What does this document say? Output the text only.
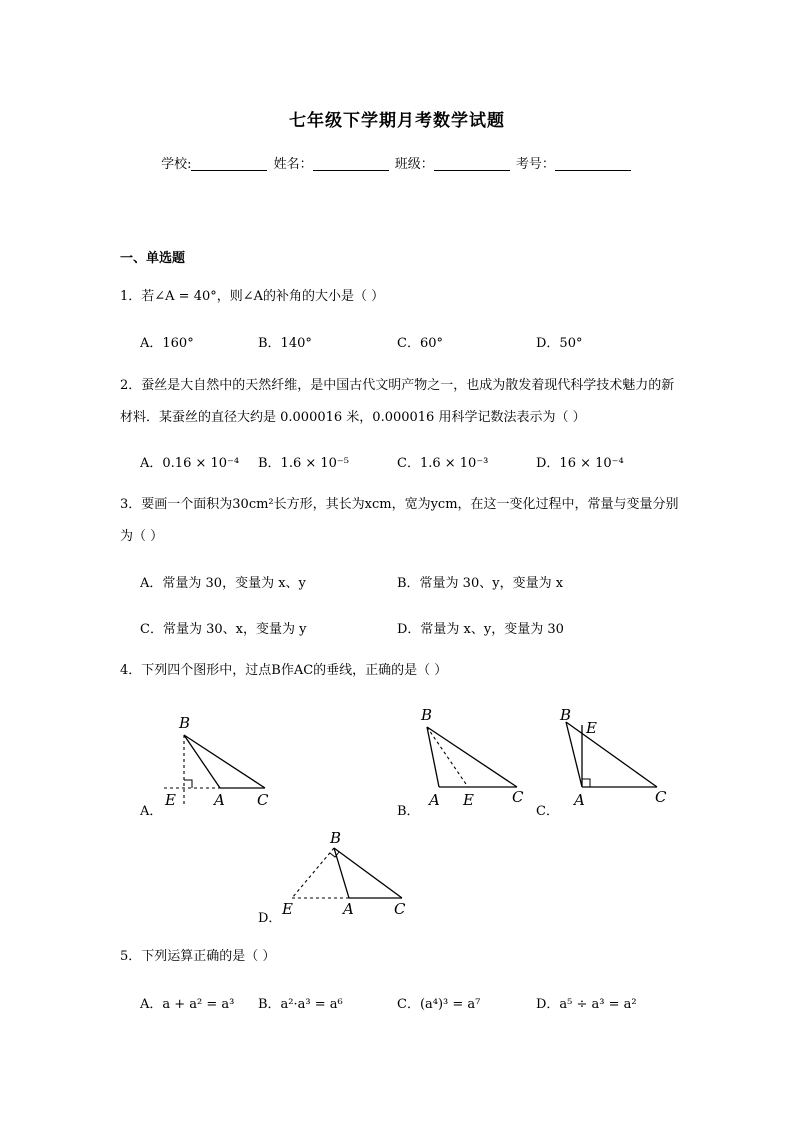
七年级下学期月考数学试题
学校:	姓名：	班级：	考号：
一、单选题
1．若∠A = 40°，则∠A的补角的大小是（ ）
A．160°	B．140°	C．60°	D．50°
2．蚕丝是大自然中的天然纤维，是中国古代文明产物之一，也成为散发着现代科学技术魅力的新材料．某蚕丝的直径大约是 0.000016 米，0.000016 用科学记数法表示为（ ）
A．0.16 × 10⁻⁴ B．1.6 × 10⁻⁵	C．1.6 × 10⁻³	D．16 × 10⁻⁴
3．要画一个面积为30cm²长方形，其长为xcm，宽为ycm，在这一变化过程中，常量与变量分别为（ ）
A．常量为 30，变量为 x、y	B．常量为 30、y，变量为 x
C．常量为 30、x，变量为 y	D．常量为 x、y，变量为 30
4．下列四个图形中，过点B作AC的垂线，正确的是（ ）
A．
B
E	A C
B．
B
A E	C
C．
B
E
A	C
D．
B
E	A	C
5．下列运算正确的是（ ）
A．a + a² = a³ B．a²·a³ = a⁶	C．(a⁴)³ = a⁷	D．a⁵ ÷ a³ = a²
